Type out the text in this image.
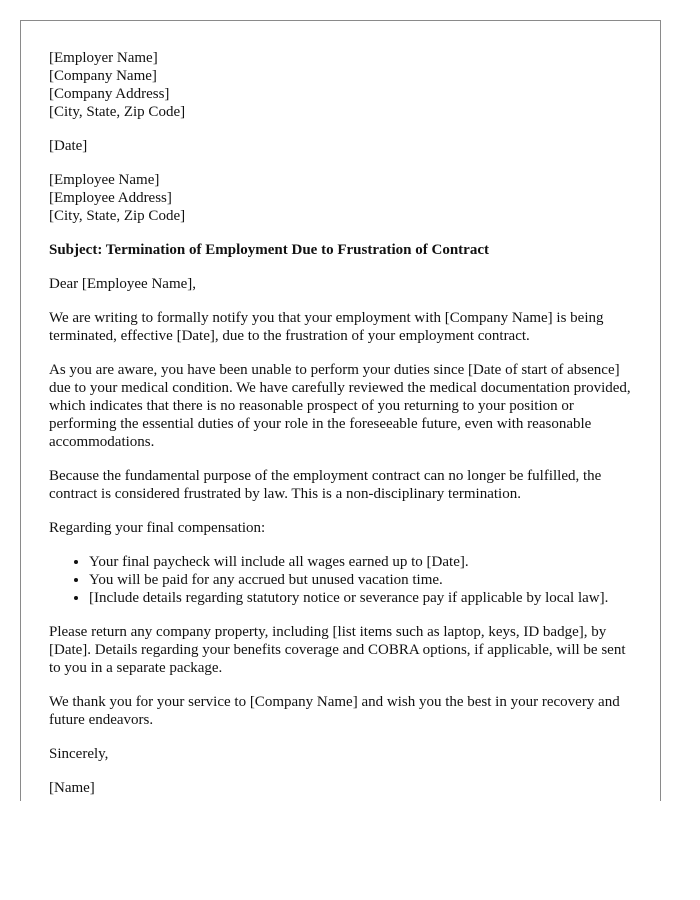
[Employer Name]
[Company Name]
[Company Address]
[City, State, Zip Code]

[Date]

[Employee Name]
[Employee Address]
[City, State, Zip Code]

Subject: Termination of Employment Due to Frustration of Contract

Dear [Employee Name],

We are writing to formally notify you that your employment with [Company Name] is being terminated, effective [Date], due to the frustration of your employment contract.

As you are aware, you have been unable to perform your duties since [Date of start of absence] due to your medical condition. We have carefully reviewed the medical documentation provided, which indicates that there is no reasonable prospect of you returning to your position or performing the essential duties of your role in the foreseeable future, even with reasonable accommodations.

Because the fundamental purpose of the employment contract can no longer be fulfilled, the contract is considered frustrated by law. This is a non-disciplinary termination.

Regarding your final compensation:

• Your final paycheck will include all wages earned up to [Date].
• You will be paid for any accrued but unused vacation time.
• [Include details regarding statutory notice or severance pay if applicable by local law].

Please return any company property, including [list items such as laptop, keys, ID badge], by [Date]. Details regarding your benefits coverage and COBRA options, if applicable, will be sent to you in a separate package.

We thank you for your service to [Company Name] and wish you the best in your recovery and future endeavors.

Sincerely,

[Name]
